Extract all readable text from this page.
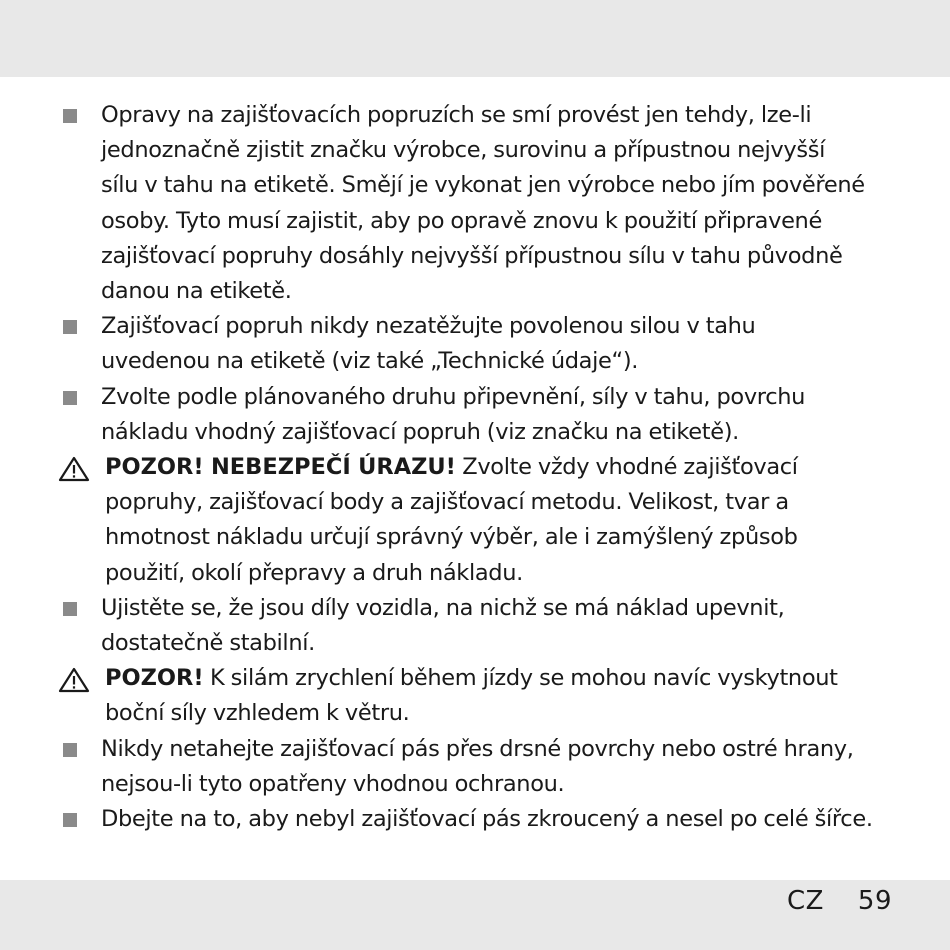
Opravy na zajišťovacích popruzích se smí provést jen tehdy, lze-li
jednoznačně zjistit značku výrobce, surovinu a přípustnou nejvyšší
sílu v tahu na etiketě. Smějí je vykonat jen výrobce nebo jím pověřené
osoby. Tyto musí zajistit, aby po opravě znovu k použití připravené
zajišťovací popruhy dosáhly nejvyšší přípustnou sílu v tahu původně
danou na etiketě.
Zajišťovací popruh nikdy nezatěžujte povolenou silou v tahu
uvedenou na etiketě (viz také „Technické údaje“).
Zvolte podle plánovaného druhu připevnění, síly v tahu, povrchu
nákladu vhodný zajišťovací popruh (viz značku na etiketě).
POZOR! NEBEZPEČÍ ÚRAZU! Zvolte vždy vhodné zajišťovací
popruhy, zajišťovací body a zajišťovací metodu. Velikost, tvar a
hmotnost nákladu určují správný výběr, ale i zamýšlený způsob
použití, okolí přepravy a druh nákladu.
Ujistěte se, že jsou díly vozidla, na nichž se má náklad upevnit,
dostatečně stabilní.
POZOR! K silám zrychlení během jízdy se mohou navíc vyskytnout
boční síly vzhledem k větru.
Nikdy netahejte zajišťovací pás přes drsné povrchy nebo ostré hrany,
nejsou-li tyto opatřeny vhodnou ochranou.
Dbejte na to, aby nebyl zajišťovací pás zkroucený a nesel po celé šířce.
CZ 59
